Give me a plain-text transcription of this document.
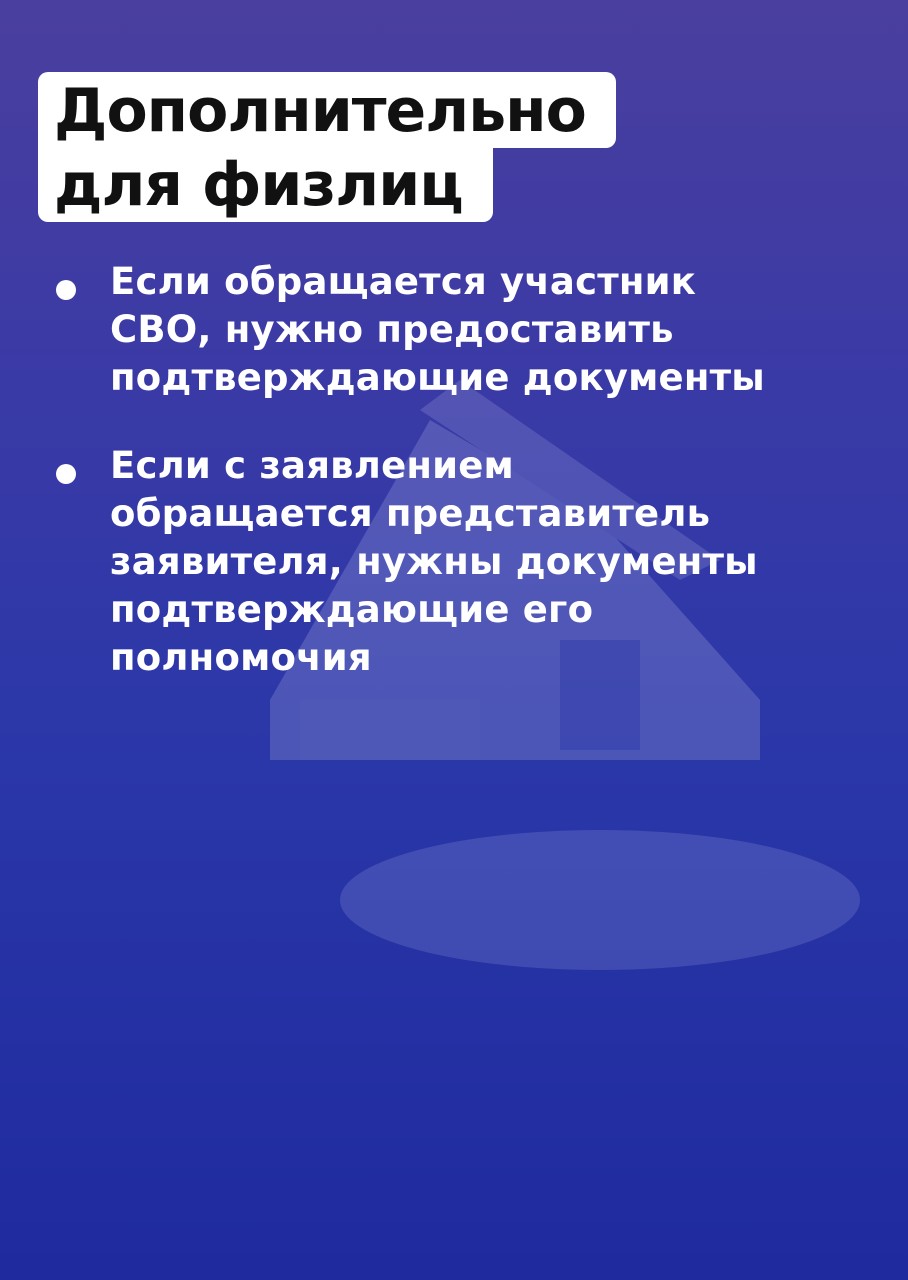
Дополнительно
для физлиц
Если обращается участник
СВО, нужно предоставить
подтверждающие документы
Если с заявлением
обращается представитель
заявителя, нужны документы
подтверждающие его
полномочия
